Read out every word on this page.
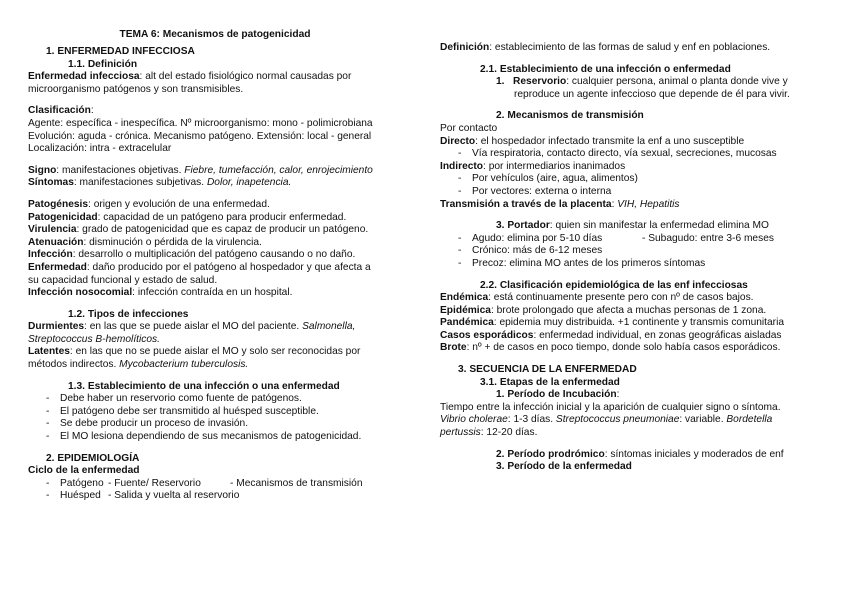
TEMA 6: Mecanismos de patogenicidad
1. ENFERMEDAD INFECCIOSA
1.1. Definición
Enfermedad infecciosa: alt del estado fisiológico normal causadas por
microorganismo patógenos y son transmisibles.
Clasificación:
Agente: específica - inespecífica. Nº microorganismo: mono - polimicrobiana
Evolución: aguda - crónica. Mecanismo patógeno. Extensión: local - general
Localización: intra - extracelular
Signo: manifestaciones objetivas. Fiebre, tumefacción, calor, enrojecimiento
Síntomas: manifestaciones subjetivas. Dolor, inapetencia.
Patogénesis: origen y evolución de una enfermedad.
Patogenicidad: capacidad de un patógeno para producir enfermedad.
Virulencia: grado de patogenicidad que es capaz de producir un patógeno.
Atenuación: disminución o pérdida de la virulencia.
Infección: desarrollo o multiplicación del patógeno causando o no daño.
Enfermedad: daño producido por el patógeno al hospedador y que afecta a
su capacidad funcional y estado de salud.
Infección nosocomial: infección contraída en un hospital.
1.2. Tipos de infecciones
Durmientes: en las que se puede aislar el MO del paciente. Salmonella,
Streptococcus B-hemolíticos.
Latentes: en las que no se puede aislar el MO y solo ser reconocidas por
métodos indirectos. Mycobacterium tuberculosis.
1.3. Establecimiento de una infección o una enfermedad
- Debe haber un reservorio como fuente de patógenos.
- El patógeno debe ser transmitido al huésped susceptible.
- Se debe producir un proceso de invasión.
- El MO lesiona dependiendo de sus mecanismos de patogenicidad.
2. EPIDEMIOLOGÍA
Ciclo de la enfermedad
- Patógeno - Fuente/ Reservorio	- Mecanismos de transmisión
- Huésped - Salida y vuelta al reservorio
Definición: establecimiento de las formas de salud y enf en poblaciones.
2.1. Establecimiento de una infección o enfermedad
1. Reservorio: cualquier persona, animal o planta donde vive y
reproduce un agente infeccioso que depende de él para vivir.
2. Mecanismos de transmisión
Por contacto
Directo: el hospedador infectado transmite la enf a uno susceptible
- Vía respiratoria, contacto directo, vía sexual, secreciones, mucosas
Indirecto: por intermediarios inanimados
- Por vehículos (aire, agua, alimentos)
- Por vectores: externa o interna
Transmisión a través de la placenta: VIH, Hepatitis
3. Portador: quien sin manifestar la enfermedad elimina MO
- Agudo: elimina por 5-10 días	- Subagudo: entre 3-6 meses
- Crónico: más de 6-12 meses
- Precoz: elimina MO antes de los primeros síntomas
2.2. Clasificación epidemiológica de las enf infecciosas
Endémica: está continuamente presente pero con nº de casos bajos.
Epidémica: brote prolongado que afecta a muchas personas de 1 zona.
Pandémica: epidemia muy distribuida. +1 continente y transmis comunitaria
Casos esporádicos: enfermedad individual, en zonas geográficas aisladas
Brote: nº + de casos en poco tiempo, donde solo había casos esporádicos.
3. SECUENCIA DE LA ENFERMEDAD
3.1. Etapas de la enfermedad
1. Período de Incubación:
Tiempo entre la infección inicial y la aparición de cualquier signo o síntoma.
Vibrio cholerae: 1-3 días. Streptococcus pneumoniae: variable. Bordetella
pertussis: 12-20 días.
2. Período prodrómico: síntomas iniciales y moderados de enf
3. Período de la enfermedad
